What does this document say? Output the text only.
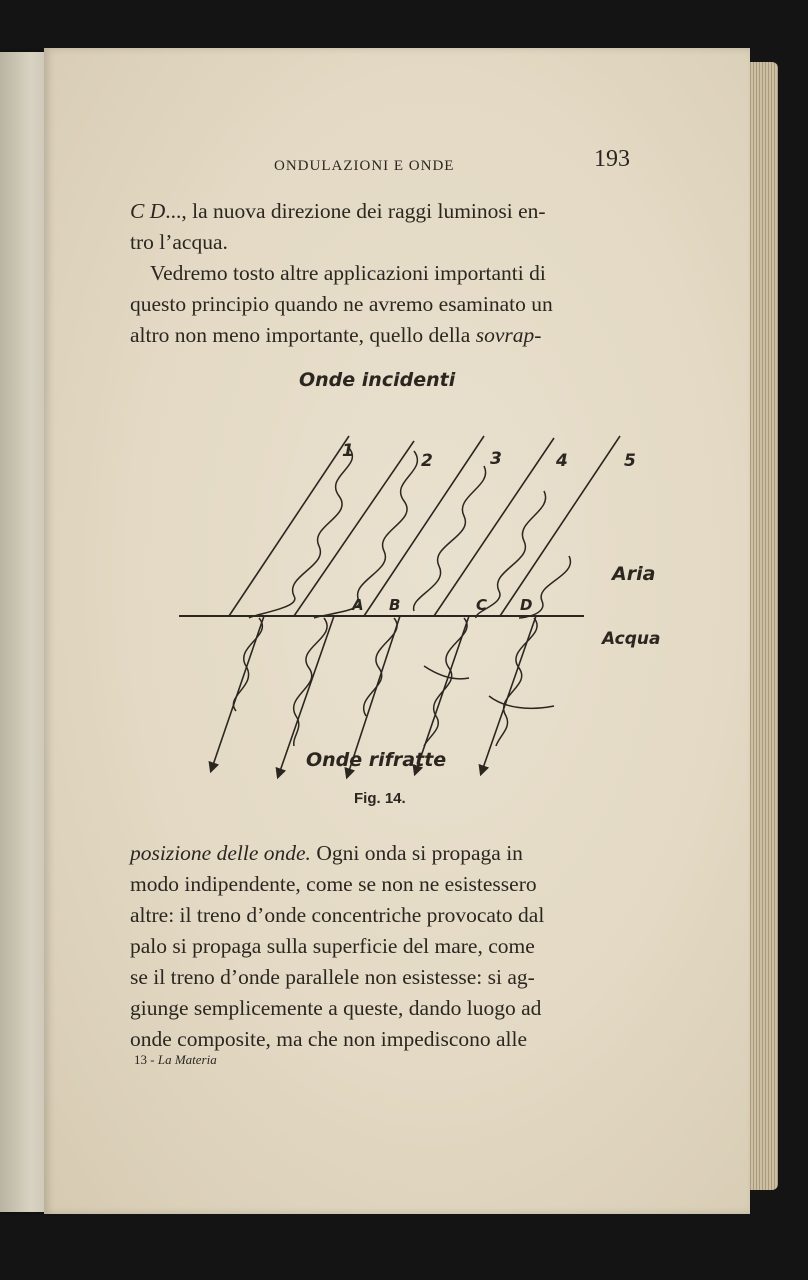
ONDULAZIONI E ONDE	193
C D..., la nuova direzione dei raggi luminosi en-
tro l’acqua.
Vedremo tosto altre applicazioni importanti di
questo principio quando ne avremo esaminato un
altro non meno importante, quello della sovrap-
Onde incidenti
1	2	3	4	5
A B	C D
Aria
Acqua
Onde rifratte
Fig. 14.
posizione delle onde. Ogni onda si propaga in
modo indipendente, come se non ne esistessero
altre: il treno d’onde concentriche provocato dal
palo si propaga sulla superficie del mare, come
se il treno d’onde parallele non esistesse: si ag-
giunge semplicemente a queste, dando luogo ad
onde composite, ma che non impediscono alle
13 - La Materia
